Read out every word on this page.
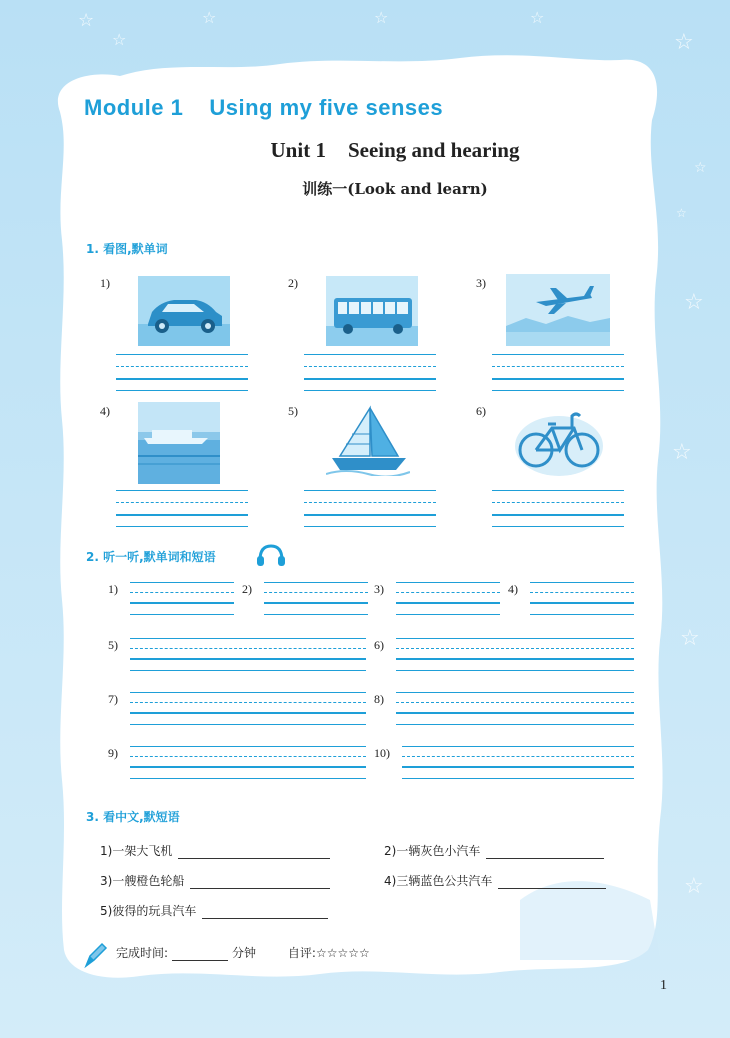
☆
☆
☆	☆	☆
☆
☆
☆
☆
☆
☆
☆
Module 1 Using my five senses
Unit 1 Seeing and hearing
训练一(Look and learn)
1. 看图,默单词
1)	2)	3)
4)	5)	6)
2. 听一听,默单词和短语
1)	2)	3)	4)
5)	6)
7)	8)
9)	10)
3. 看中文,默短语
1)一架大飞机	2)一辆灰色小汽车
3)一艘橙色轮船	4)三辆蓝色公共汽车
5)彼得的玩具汽车
完成时间:	分钟	自评:☆☆☆☆☆
1
